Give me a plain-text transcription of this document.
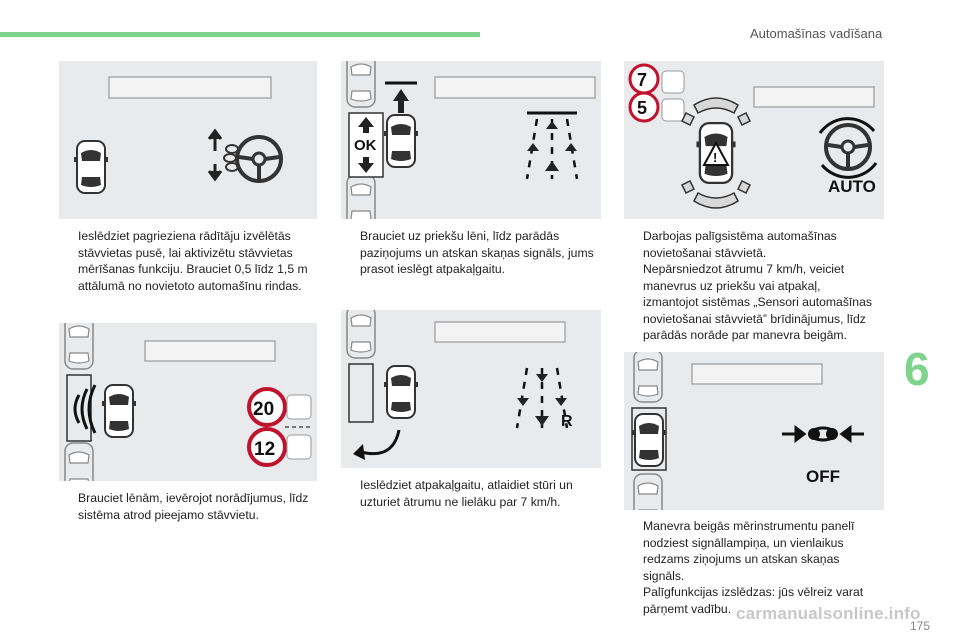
Automašīnas vadīšana
6
175
OK
7
5
!
AUTO
20
12
R
OFF
Ieslēdziet pagrieziena rādītāju izvēlētās
stāvvietas pusē, lai aktivizētu stāvvietas
mērīšanas funkciju. Brauciet 0,5 līdz 1,5 m
attālumā no novietoto automašīnu rindas.
Brauciet uz priekšu lēni, līdz parādās
paziņojums un atskan skaņas signāls, jums
prasot ieslēgt atpakaļgaitu.
Darbojas palīgsistēma automašīnas
novietošanai stāvvietā.
Nepārsniedzot ātrumu 7 km/h, veiciet
manevrus uz priekšu vai atpakaļ,
izmantojot sistēmas „Sensori automašīnas
novietošanai stāvvietā” brīdinājumus, līdz
parādās norāde par manevra beigām.
Brauciet lēnām, ievērojot norādījumus, līdz
sistēma atrod pieejamo stāvvietu.
Ieslēdziet atpakaļgaitu, atlaidiet stūri un
uzturiet ātrumu ne lielāku par 7 km/h.
Manevra beigās mērinstrumentu panelī
nodziest signāllampiņa, un vienlaikus
redzams ziņojums un atskan skaņas
signāls.
Palīgfunkcijas izslēdzas: jūs vēlreiz varat
pārņemt vadību. carmanualsonline.info
